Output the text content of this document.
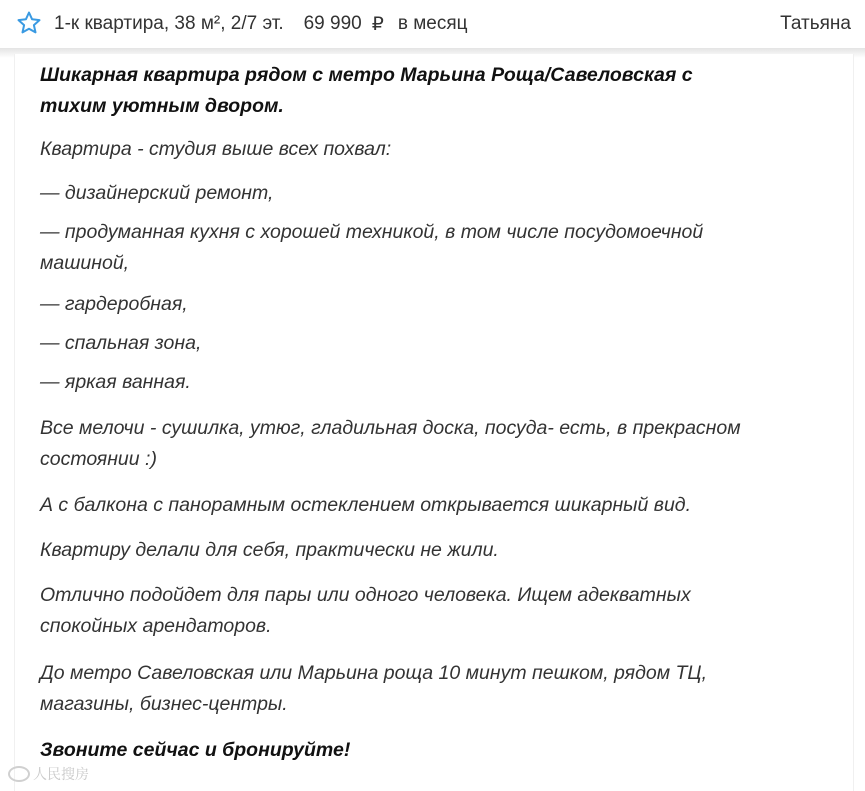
1-к квартира, 38 м², 2/7 эт. 69 990 ₽ в месяц	Татьяна

Шикарная квартира рядом с метро Марьина Роща/Савеловская с
тихим уютным двором.

Квартира - студия выше всех похвал:

— дизайнерский ремонт,

— продуманная кухня с хорошей техникой, в том числе посудомоечной
машиной,

— гардеробная,

— спальная зона,

— яркая ванная.

Все мелочи - сушилка, утюг, гладильная доска, посуда- есть, в прекрасном
состоянии :)

А с балкона с панорамным остеклением открывается шикарный вид.

Квартиру делали для себя, практически не жили.

Отлично подойдет для пары или одного человека. Ищем адекватных
спокойных арендаторов.

До метро Савеловская или Марьина роща 10 минут пешком, рядом ТЦ,
магазины, бизнес-центры.

Звоните сейчас и бронируйте!

人民搜房
